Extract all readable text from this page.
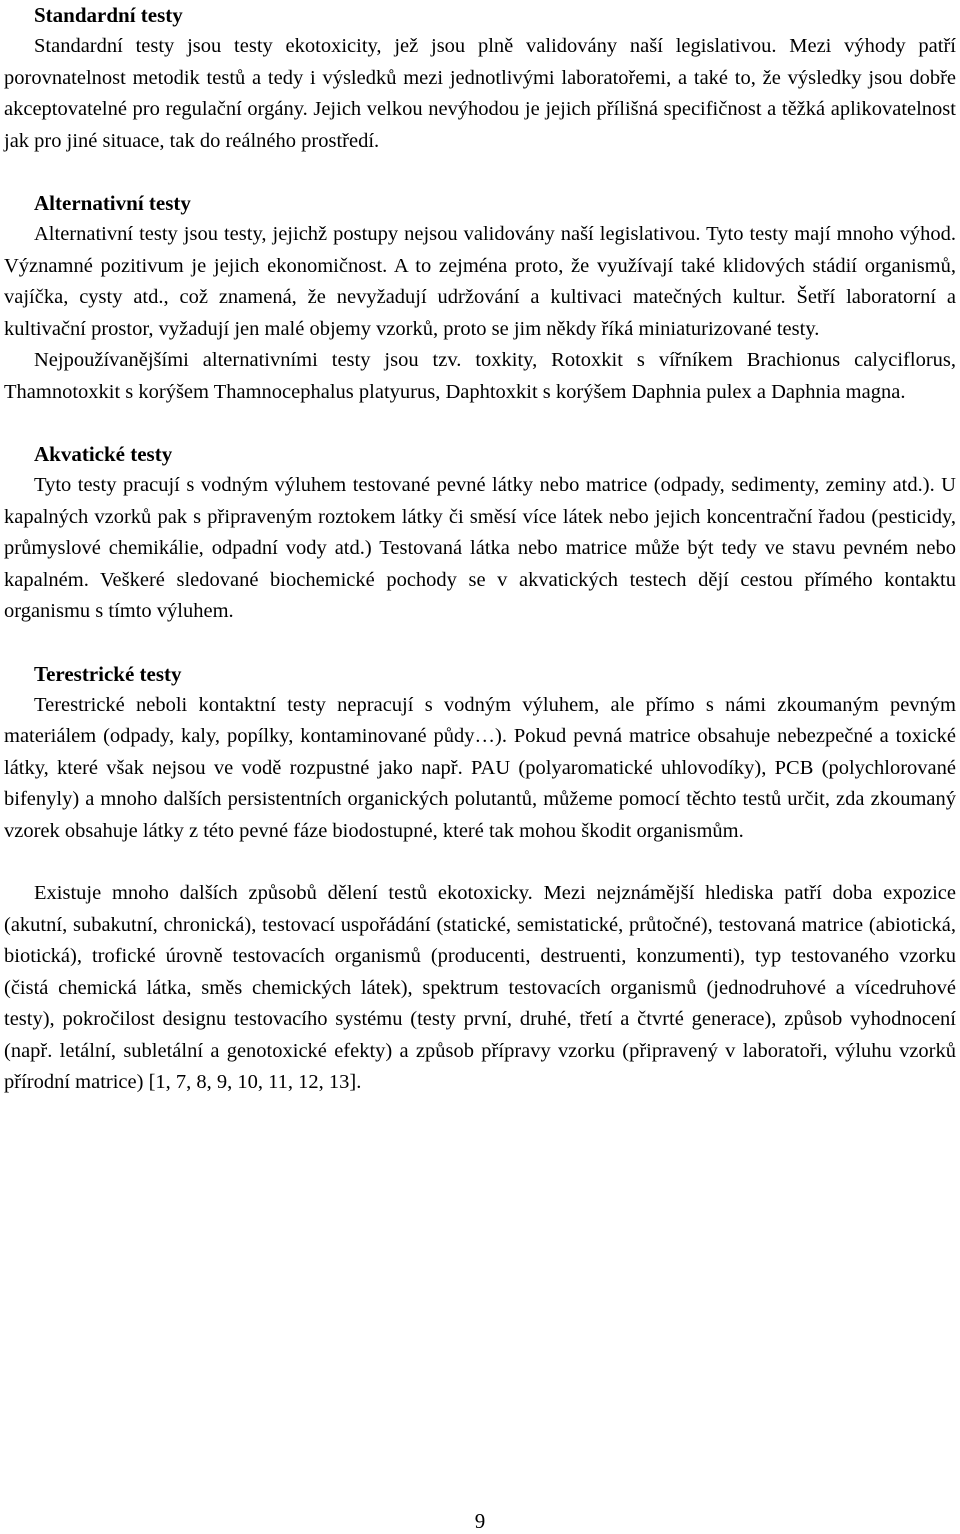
Standardní testy

Standardní testy jsou testy ekotoxicity, jež jsou plně validovány naší legislativou. Mezi výhody patří porovnatelnost metodik testů a tedy i výsledků mezi jednotlivými laboratořemi, a také to, že výsledky jsou dobře akceptovatelné pro regulační orgány. Jejich velkou nevýhodou je jejich přílišná specifičnost a těžká aplikovatelnost jak pro jiné situace, tak do reálného prostředí.

Alternativní testy

Alternativní testy jsou testy, jejichž postupy nejsou validovány naší legislativou. Tyto testy mají mnoho výhod. Významné pozitivum je jejich ekonomičnost. A to zejména proto, že využívají také klidových stádií organismů, vajíčka, cysty atd., což znamená, že nevyžadují udržování a kultivaci matečných kultur. Šetří laboratorní a kultivační prostor, vyžadují jen malé objemy vzorků, proto se jim někdy říká miniaturizované testy.

Nejpoužívanějšími alternativními testy jsou tzv. toxkity, Rotoxkit s vířníkem Brachionus calyciflorus, Thamnotoxkit s korýšem Thamnocephalus platyurus, Daphtoxkit s korýšem Daphnia pulex a Daphnia magna.

Akvatické testy

Tyto testy pracují s vodným výluhem testované pevné látky nebo matrice (odpady, sedimenty, zeminy atd.). U kapalných vzorků pak s připraveným roztokem látky či směsí více látek nebo jejich koncentrační řadou (pesticidy, průmyslové chemikálie, odpadní vody atd.) Testovaná látka nebo matrice může být tedy ve stavu pevném nebo kapalném. Veškeré sledované biochemické pochody se v akvatických testech dějí cestou přímého kontaktu organismu s tímto výluhem.

Terestrické testy

Terestrické neboli kontaktní testy nepracují s vodným výluhem, ale přímo s námi zkoumaným pevným materiálem (odpady, kaly, popílky, kontaminované půdy…). Pokud pevná matrice obsahuje nebezpečné a toxické látky, které však nejsou ve vodě rozpustné jako např. PAU (polyaromatické uhlovodíky), PCB (polychlorované bifenyly) a mnoho dalších persistentních organických polutantů, můžeme pomocí těchto testů určit, zda zkoumaný vzorek obsahuje látky z této pevné fáze biodostupné, které tak mohou škodit organismům.

Existuje mnoho dalších způsobů dělení testů ekotoxicky. Mezi nejznámější hlediska patří doba expozice (akutní, subakutní, chronická), testovací uspořádání (statické, semistatické, průtočné), testovaná matrice (abiotická, biotická), trofické úrovně testovacích organismů (producenti, destruenti, konzumenti), typ testovaného vzorku (čistá chemická látka, směs chemických látek), spektrum testovacích organismů (jednodruhové a vícedruhové testy), pokročilost designu testovacího systému (testy první, druhé, třetí a čtvrté generace), způsob vyhodnocení (např. letální, subletální a genotoxické efekty) a způsob přípravy vzorku (připravený v laboratoři, výluhu vzorků přírodní matrice) [1, 7, 8, 9, 10, 11, 12, 13].

9
